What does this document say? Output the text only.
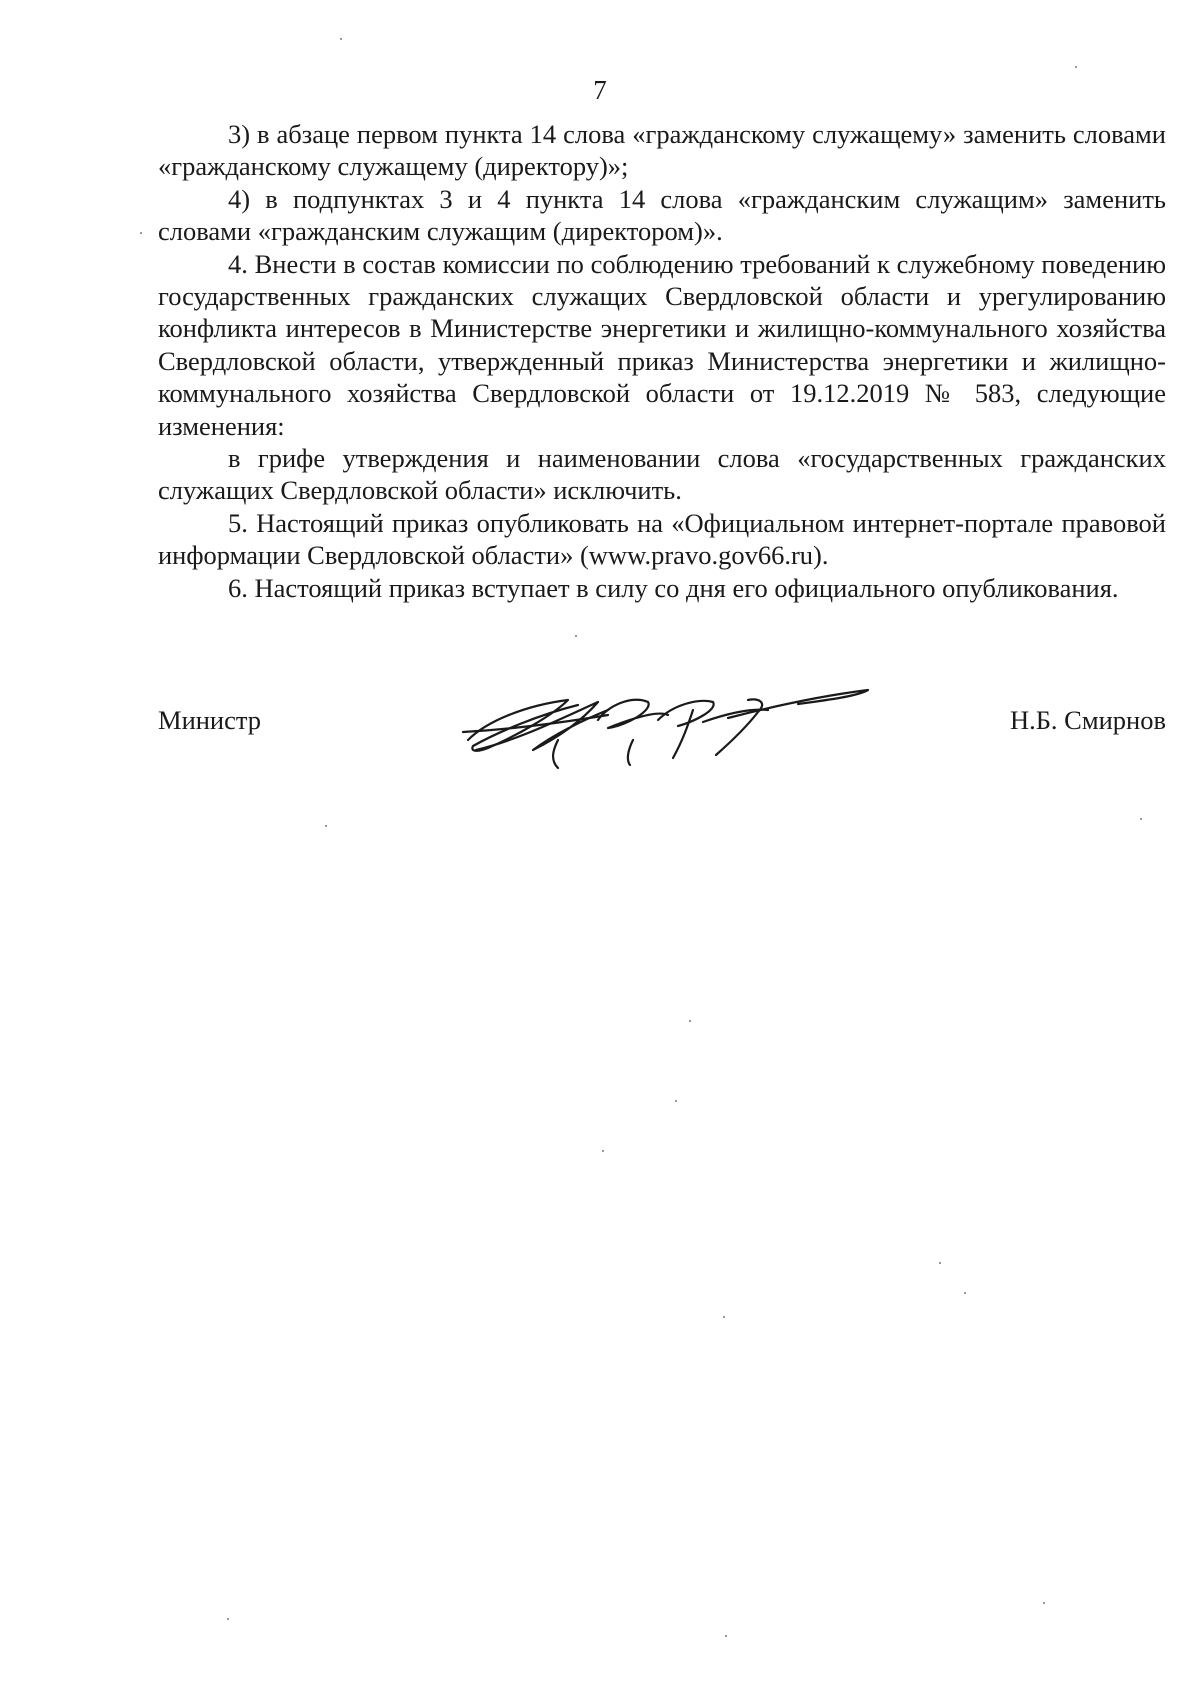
7

3) в абзаце первом пункта 14 слова «гражданскому служащему» заменить словами «гражданскому служащему (директору)»;

4) в подпунктах 3 и 4 пункта 14 слова «гражданским служащим» заменить словами «гражданским служащим (директором)».

4. Внести в состав комиссии по соблюдению требований к служебному поведению государственных гражданских служащих Свердловской области и урегулированию конфликта интересов в Министерстве энергетики и жилищно-коммунального хозяйства Свердловской области, утвержденный приказ Министерства энергетики и жилищно-коммунального хозяйства Свердловской области от 19.12.2019 № 583, следующие изменения:

в грифе утверждения и наименовании слова «государственных гражданских служащих Свердловской области» исключить.

5. Настоящий приказ опубликовать на «Официальном интернет-портале правовой информации Свердловской области» (www.pravo.gov66.ru).

6. Настоящий приказ вступает в силу со дня его официального опубликования.

Министр	Н.Б. Смирнов
